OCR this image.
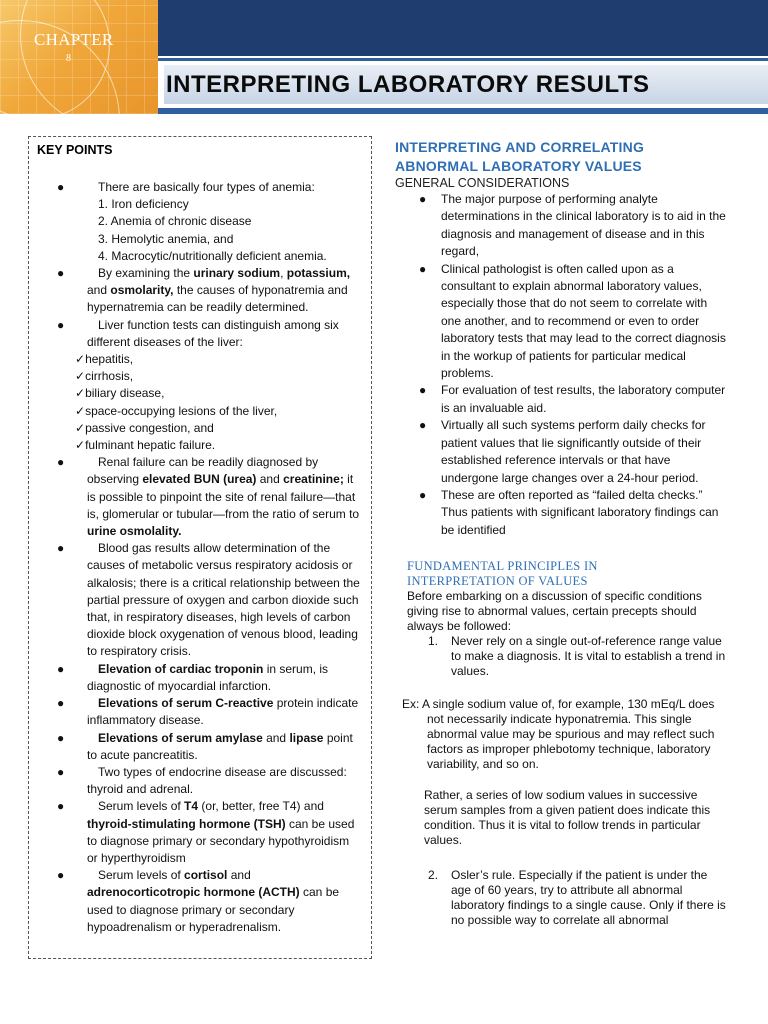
CHAPTER
8
INTERPRETING LABORATORY RESULTS
KEY POINTS
●	There are basically four types of anemia:
1. Iron deficiency
2. Anemia of chronic disease
3. Hemolytic anemia, and
4. Macrocytic/nutritionally deficient anemia.
●	By examining the urinary sodium, potassium,
and osmolarity, the causes of hyponatremia and hypernatremia can be readily determined.
●	Liver function tests can distinguish among six different diseases of the liver:
✓hepatitis,
✓cirrhosis,
✓biliary disease,
✓space-occupying lesions of the liver,
✓passive congestion, and
✓fulminant hepatic failure.
●	Renal failure can be readily diagnosed by observing elevated BUN (urea) and creatinine; it is possible to pinpoint the site of renal failure—that is, glomerular or tubular—from the ratio of serum to urine osmolality.
●	Blood gas results allow determination of the causes of metabolic versus respiratory acidosis or alkalosis; there is a critical relationship between the partial pressure of oxygen and carbon dioxide such that, in respiratory diseases, high levels of carbon dioxide block oxygenation of venous blood, leading to respiratory crisis.
●	Elevation of cardiac troponin in serum, is diagnostic of myocardial infarction.
●	Elevations of serum C-reactive protein indicate inflammatory disease.
●	Elevations of serum amylase and lipase point to acute pancreatitis.
●	Two types of endocrine disease are discussed: thyroid and adrenal.
●	Serum levels of T4 (or, better, free T4) and thyroid-stimulating hormone (TSH) can be used to diagnose primary or secondary hypothyroidism or hyperthyroidism
●	Serum levels of cortisol and adrenocorticotropic hormone (ACTH) can be used to diagnose primary or secondary hypoadrenalism or hyperadrenalism.
INTERPRETING AND CORRELATING
ABNORMAL LABORATORY VALUES
GENERAL CONSIDERATIONS
● The major purpose of performing analyte determinations in the clinical laboratory is to aid in the diagnosis and management of disease and in this regard,
● Clinical pathologist is often called upon as a consultant to explain abnormal laboratory values, especially those that do not seem to correlate with one another, and to recommend or even to order laboratory tests that may lead to the correct diagnosis in the workup of patients for particular medical problems.
● For evaluation of test results, the laboratory computer is an invaluable aid.
● Virtually all such systems perform daily checks for patient values that lie significantly outside of their established reference intervals or that have undergone large changes over a 24-hour period.
● These are often reported as “failed delta checks.” Thus patients with significant laboratory findings can be identified
FUNDAMENTAL PRINCIPLES IN
INTERPRETATION OF VALUES
Before embarking on a discussion of specific conditions giving rise to abnormal values, certain precepts should always be followed:
1. Never rely on a single out-of-reference range value to make a diagnosis. It is vital to establish a trend in values.
Ex: A single sodium value of, for example, 130 mEq/L does not necessarily indicate hyponatremia. This single abnormal value may be spurious and may reflect such factors as improper phlebotomy technique, laboratory variability, and so on.
Rather, a series of low sodium values in successive serum samples from a given patient does indicate this condition. Thus it is vital to follow trends in particular values.
2. Osler’s rule. Especially if the patient is under the age of 60 years, try to attribute all abnormal laboratory findings to a single cause. Only if there is no possible way to correlate all abnormal
